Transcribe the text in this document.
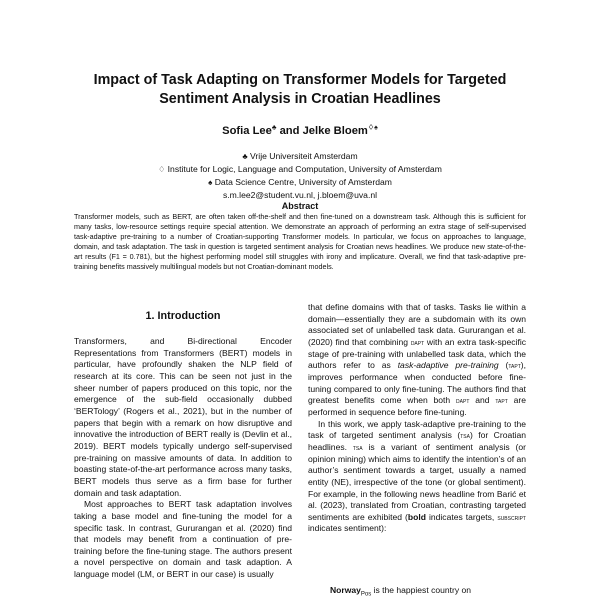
Impact of Task Adapting on Transformer Models for Targeted Sentiment Analysis in Croatian Headlines
Sofia Lee♣ and Jelke Bloem♢♠
♣ Vrije Universiteit Amsterdam
♢ Institute for Logic, Language and Computation, University of Amsterdam
♠ Data Science Centre, University of Amsterdam
s.m.lee2@student.vu.nl, j.bloem@uva.nl
Abstract
Transformer models, such as BERT, are often taken off-the-shelf and then fine-tuned on a downstream task. Although this is sufficient for many tasks, low-resource settings require special attention. We demonstrate an approach of performing an extra stage of self-supervised task-adaptive pre-training to a number of Croatian-supporting Transformer models. In particular, we focus on approaches to language, domain, and task adaptation. The task in question is targeted sentiment analysis for Croatian news headlines. We produce new state-of-the-art results (F1 = 0.781), but the highest performing model still struggles with irony and implicature. Overall, we find that task-adaptive pre-training benefits massively multilingual models but not Croatian-dominant models.
1. Introduction

Transformers, and Bi-directional Encoder Representations from Transformers (BERT) models in particular, have profoundly shaken the NLP field of research at its core. This can be seen not just in the sheer number of papers produced on this topic, nor the emergence of the sub-field occasionally dubbed ‘BERTology’ (Rogers et al., 2021), but in the number of papers that begin with a remark on how disruptive and innovative the introduction of BERT really is (Devlin et al., 2019). BERT models typically undergo self-supervised pre-training on massive amounts of data. In addition to boasting state-of-the-art performance across many tasks, BERT models thus serve as a firm base for further domain and task adaptation.

Most approaches to BERT task adaptation involves taking a base model and fine-tuning the model for a specific task. In contrast, Gururangan et al. (2020) find that models may benefit from a continuation of pre-training before the fine-tuning stage. The authors present a novel perspective on domain and task adaption. A language model (LM, or BERT in our case) is usually

that define domains with that of tasks. Tasks lie within a domain—essentially they are a subdomain with its own associated set of unlabelled task data. Gururangan et al. (2020) find that combining dapt with an extra task-specific stage of pre-training with unlabelled task data, which the authors refer to as task-adaptive pre-training (tapt), improves performance when conducted before fine-tuning compared to only fine-tuning. The authors find that greatest benefits come when both dapt and tapt are performed in sequence before fine-tuning.

In this work, we apply task-adaptive pre-training to the task of targeted sentiment analysis (tsa) for Croatian headlines. tsa is a variant of sentiment analysis (or opinion mining) which aims to identify the intention’s of an author’s sentiment towards a target, usually a named entity (NE), irrespective of the tone (or global sentiment). For example, in the following news headline from Barić et al. (2023), translated from Croatian, contrasting targeted sentiments are exhibited (bold indicates targets, subscript indicates sentiment):

Norway$_{Pos}$ is the happiest country on
